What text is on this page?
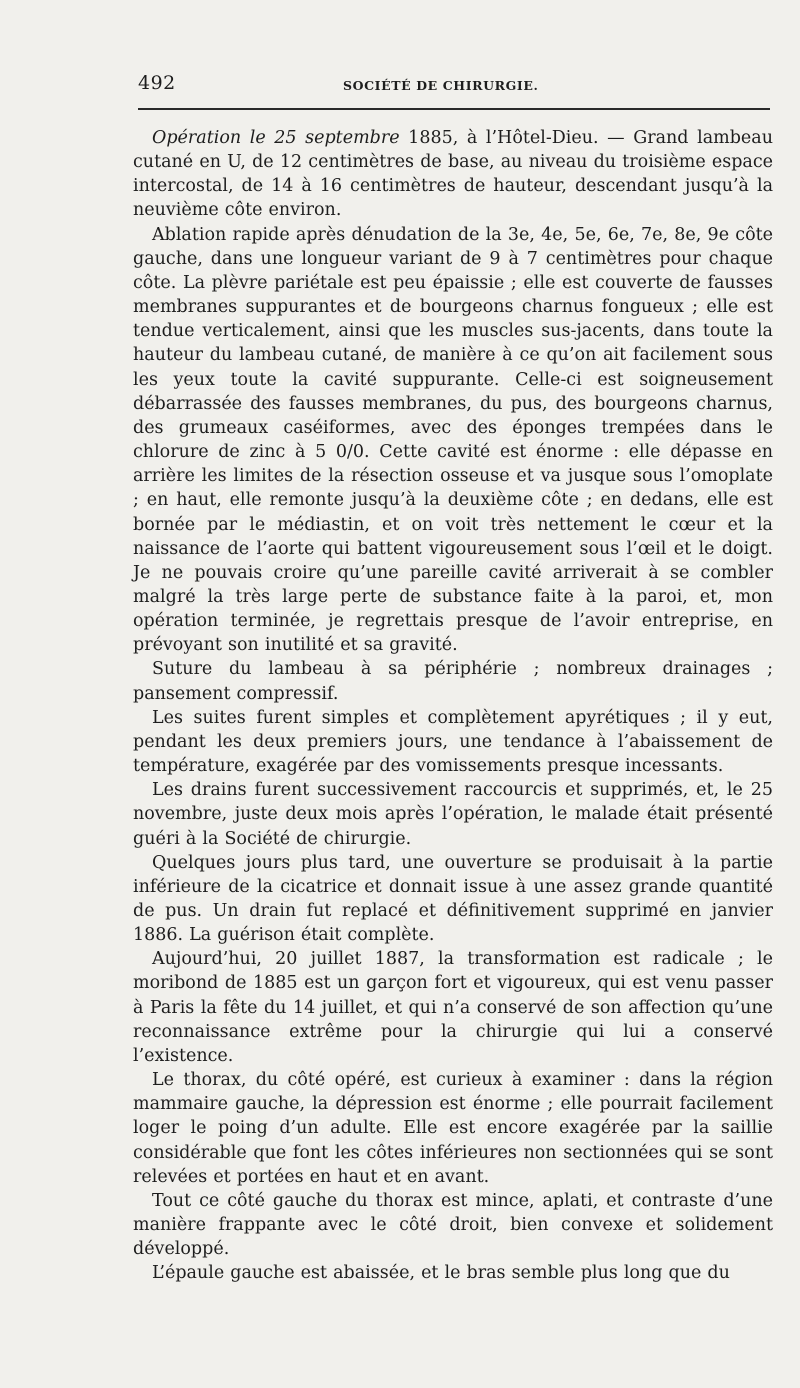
492	SOCIÉTÉ DE CHIRURGIE.

Opération le 25 septembre 1885, à l’Hôtel-Dieu. — Grand lambeau cutané en U, de 12 centimètres de base, au niveau du troisième espace intercostal, de 14 à 16 centimètres de hauteur, descendant jusqu’à la neuvième côte environ.

Ablation rapide après dénudation de la 3e, 4e, 5e, 6e, 7e, 8e, 9e côte gauche, dans une longueur variant de 9 à 7 centimètres pour chaque côte. La plèvre pariétale est peu épaissie ; elle est couverte de fausses membranes suppurantes et de bourgeons charnus fongueux ; elle est tendue verticalement, ainsi que les muscles sus-jacents, dans toute la hauteur du lambeau cutané, de manière à ce qu’on ait facilement sous les yeux toute la cavité suppurante. Celle-ci est soigneusement débarrassée des fausses membranes, du pus, des bourgeons charnus, des grumeaux caséiformes, avec des éponges trempées dans le chlorure de zinc à 5 0/0. Cette cavité est énorme : elle dépasse en arrière les limites de la résection osseuse et va jusque sous l’omoplate ; en haut, elle remonte jusqu’à la deuxième côte ; en dedans, elle est bornée par le médiastin, et on voit très nettement le cœur et la naissance de l’aorte qui battent vigoureusement sous l’œil et le doigt. Je ne pouvais croire qu’une pareille cavité arriverait à se combler malgré la très large perte de substance faite à la paroi, et, mon opération terminée, je regrettais presque de l’avoir entreprise, en prévoyant son inutilité et sa gravité.

Suture du lambeau à sa périphérie ; nombreux drainages ; pansement compressif.

Les suites furent simples et complètement apyrétiques ; il y eut, pendant les deux premiers jours, une tendance à l’abaissement de température, exagérée par des vomissements presque incessants.

Les drains furent successivement raccourcis et supprimés, et, le 25 novembre, juste deux mois après l’opération, le malade était présenté guéri à la Société de chirurgie.

Quelques jours plus tard, une ouverture se produisait à la partie inférieure de la cicatrice et donnait issue à une assez grande quantité de pus. Un drain fut replacé et définitivement supprimé en janvier 1886. La guérison était complète.

Aujourd’hui, 20 juillet 1887, la transformation est radicale ; le moribond de 1885 est un garçon fort et vigoureux, qui est venu passer à Paris la fête du 14 juillet, et qui n’a conservé de son affection qu’une reconnaissance extrême pour la chirurgie qui lui a conservé l’existence.

Le thorax, du côté opéré, est curieux à examiner : dans la région mammaire gauche, la dépression est énorme ; elle pourrait facilement loger le poing d’un adulte. Elle est encore exagérée par la saillie considérable que font les côtes inférieures non sectionnées qui se sont relevées et portées en haut et en avant.

Tout ce côté gauche du thorax est mince, aplati, et contraste d’une manière frappante avec le côté droit, bien convexe et solidement développé.

L’épaule gauche est abaissée, et le bras semble plus long que du
